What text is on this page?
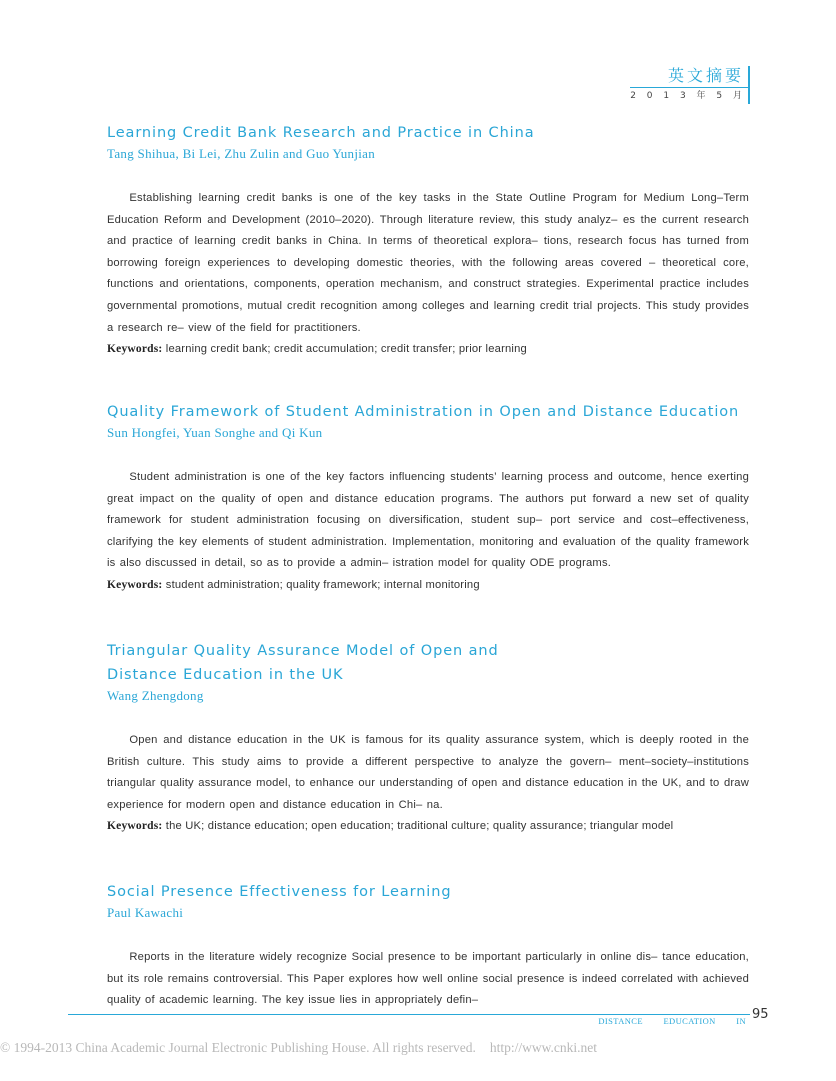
英文摘要
2 0 1 3 年 5 月
Learning Credit Bank Research and Practice in China

Tang Shihua, Bi Lei, Zhu Zulin and Guo Yunjian

Establishing learning credit banks is one of the key tasks in the State Outline Program for Medium Long–Term Education Reform and Development (2010–2020). Through literature review, this study analyz– es the current research and practice of learning credit banks in China. In terms of theoretical explora– tions, research focus has turned from borrowing foreign experiences to developing domestic theories, with the following areas covered – theoretical core, functions and orientations, components, operation mechanism, and construct strategies. Experimental practice includes governmental promotions, mutual credit recognition among colleges and learning credit trial projects. This study provides a research re– view of the field for practitioners.

Keywords: learning credit bank; credit accumulation; credit transfer; prior learning

Quality Framework of Student Administration in Open and Distance Education

Sun Hongfei, Yuan Songhe and Qi Kun

Student administration is one of the key factors influencing students’ learning process and outcome, hence exerting great impact on the quality of open and distance education programs. The authors put forward a new set of quality framework for student administration focusing on diversification, student sup– port service and cost–effectiveness, clarifying the key elements of student administration. Implementation, monitoring and evaluation of the quality framework is also discussed in detail, so as to provide a admin– istration model for quality ODE programs.

Keywords: student administration; quality framework; internal monitoring

Triangular Quality Assurance Model of Open and
Distance Education in the UK

Wang Zhengdong

Open and distance education in the UK is famous for its quality assurance system, which is deeply rooted in the British culture. This study aims to provide a different perspective to analyze the govern– ment–society–institutions triangular quality assurance model, to enhance our understanding of open and distance education in the UK, and to draw experience for modern open and distance education in Chi– na.

Keywords: the UK; distance education; open education; traditional culture; quality assurance; triangular model

Social Presence Effectiveness for Learning

Paul Kawachi

Reports in the literature widely recognize Social presence to be important particularly in online dis– tance education, but its role remains controversial. This Paper explores how well online social presence is indeed correlated with achieved quality of academic learning. The key issue lies in appropriately defin–

DISTANCE EDUCATION IN 95
© 1994-2013 China Academic Journal Electronic Publishing House. All rights reserved. http://www.cnki.net
